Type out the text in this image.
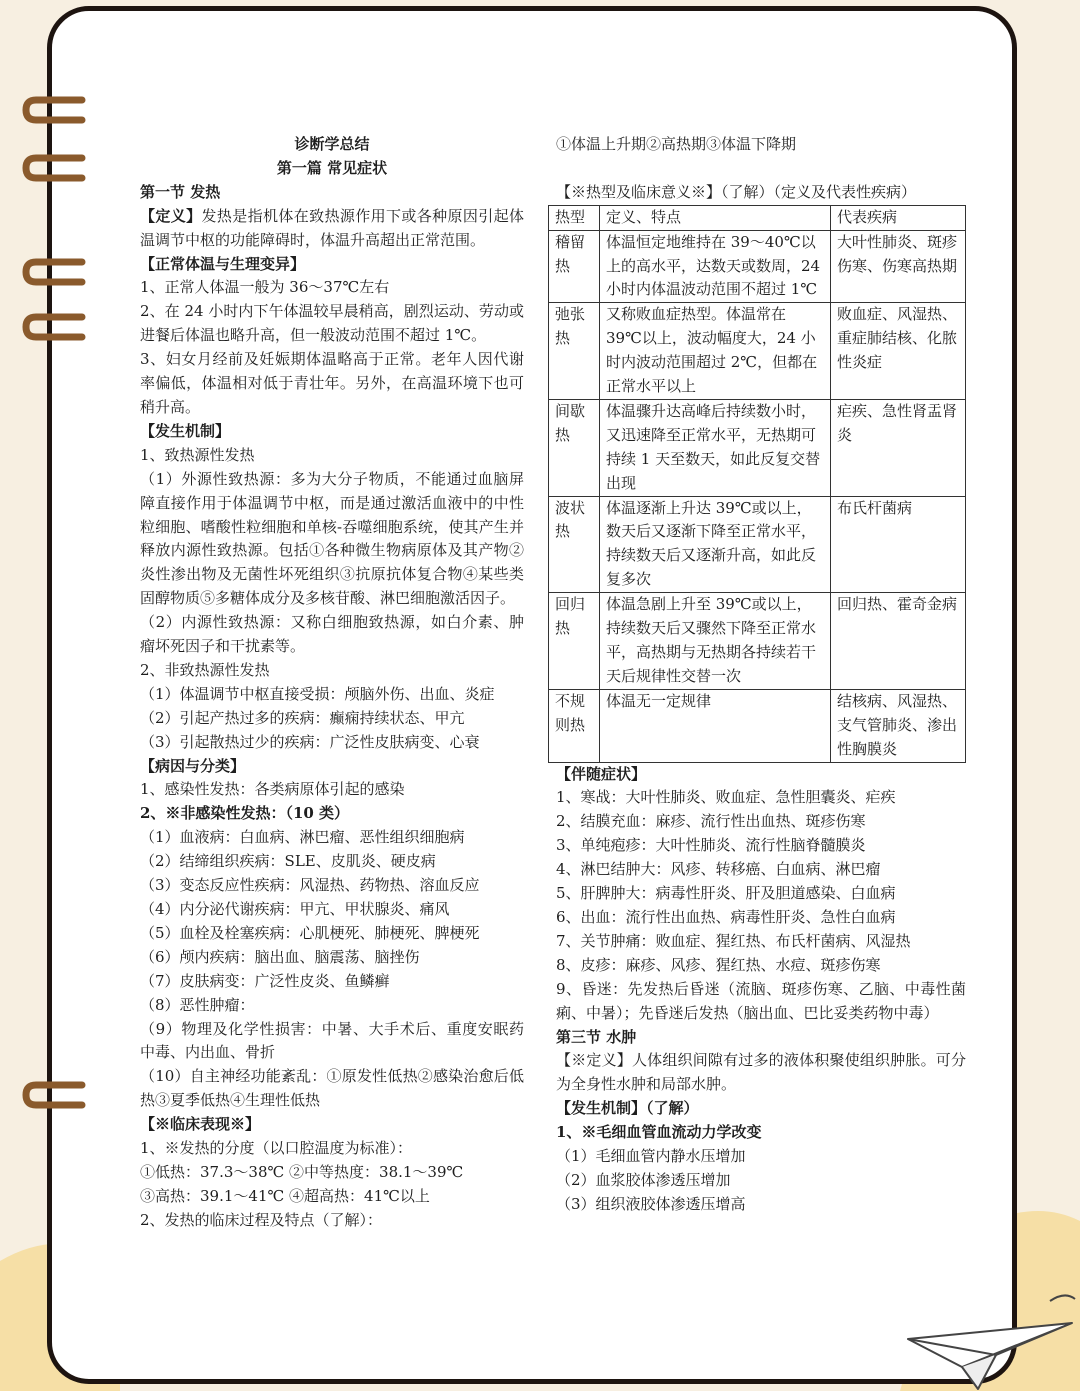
诊断学总结
第一篇 常见症状
第一节 发热
【定义】发热是指机体在致热源作用下或各种原因引起体温调节中枢的功能障碍时，体温升高超出正常范围。
【正常体温与生理变异】
1、正常人体温一般为 36～37℃左右
2、在 24 小时内下午体温较早晨稍高，剧烈运动、劳动或进餐后体温也略升高，但一般波动范围不超过 1℃。
3、妇女月经前及妊娠期体温略高于正常。老年人因代谢率偏低，体温相对低于青壮年。另外，在高温环境下也可稍升高。
【发生机制】
1、致热源性发热
（1）外源性致热源：多为大分子物质，不能通过血脑屏障直接作用于体温调节中枢，而是通过激活血液中的中性粒细胞、嗜酸性粒细胞和单核-吞噬细胞系统，使其产生并释放内源性致热源。包括①各种微生物病原体及其产物②炎性渗出物及无菌性坏死组织③抗原抗体复合物④某些类固醇物质⑤多糖体成分及多核苷酸、淋巴细胞激活因子。
（2）内源性致热源：又称白细胞致热源，如白介素、肿瘤坏死因子和干扰素等。
2、非致热源性发热
（1）体温调节中枢直接受损：颅脑外伤、出血、炎症
（2）引起产热过多的疾病：癫痫持续状态、甲亢
（3）引起散热过少的疾病：广泛性皮肤病变、心衰
【病因与分类】
1、感染性发热：各类病原体引起的感染
2、※非感染性发热：（10 类）
（1）血液病：白血病、淋巴瘤、恶性组织细胞病
（2）结缔组织疾病：SLE、皮肌炎、硬皮病
（3）变态反应性疾病：风湿热、药物热、溶血反应
（4）内分泌代谢疾病：甲亢、甲状腺炎、痛风
（5）血栓及栓塞疾病：心肌梗死、肺梗死、脾梗死
（6）颅内疾病：脑出血、脑震荡、脑挫伤
（7）皮肤病变：广泛性皮炎、鱼鳞癣
（8）恶性肿瘤：
（9）物理及化学性损害：中暑、大手术后、重度安眠药中毒、内出血、骨折
（10）自主神经功能紊乱：①原发性低热②感染治愈后低热③夏季低热④生理性低热
【※临床表现※】
1、※发热的分度（以口腔温度为标准）：
①低热：37.3～38℃ ②中等热度：38.1～39℃
③高热：39.1～41℃ ④超高热：41℃以上
2、发热的临床过程及特点（了解）：
①体温上升期②高热期③体温下降期
【※热型及临床意义※】（了解）（定义及代表性疾病）
热型	定义、特点	代表疾病
稽留热	体温恒定地维持在 39～40℃以上的高水平，达数天或数周，24 小时内体温波动范围不超过 1℃	大叶性肺炎、斑疹伤寒、伤寒高热期
弛张热	又称败血症热型。体温常在 39℃以上，波动幅度大，24 小时内波动范围超过 2℃，但都在正常水平以上	败血症、风湿热、重症肺结核、化脓性炎症
间歇热	体温骤升达高峰后持续数小时，又迅速降至正常水平，无热期可持续 1 天至数天，如此反复交替出现	疟疾、急性肾盂肾炎
波状热	体温逐渐上升达 39℃或以上，数天后又逐渐下降至正常水平，持续数天后又逐渐升高，如此反复多次	布氏杆菌病
回归热	体温急剧上升至 39℃或以上，持续数天后又骤然下降至正常水平，高热期与无热期各持续若干天后规律性交替一次	回归热、霍奇金病
不规则热	体温无一定规律	结核病、风湿热、支气管肺炎、渗出性胸膜炎
【伴随症状】
1、寒战：大叶性肺炎、败血症、急性胆囊炎、疟疾
2、结膜充血：麻疹、流行性出血热、斑疹伤寒
3、单纯疱疹：大叶性肺炎、流行性脑脊髓膜炎
4、淋巴结肿大：风疹、转移癌、白血病、淋巴瘤
5、肝脾肿大：病毒性肝炎、肝及胆道感染、白血病
6、出血：流行性出血热、病毒性肝炎、急性白血病
7、关节肿痛：败血症、猩红热、布氏杆菌病、风湿热
8、皮疹：麻疹、风疹、猩红热、水痘、斑疹伤寒
9、昏迷：先发热后昏迷（流脑、斑疹伤寒、乙脑、中毒性菌痢、中暑）；先昏迷后发热（脑出血、巴比妥类药物中毒）
第三节 水肿
【※定义】人体组织间隙有过多的液体积聚使组织肿胀。可分为全身性水肿和局部水肿。
【发生机制】（了解）
1、※毛细血管血流动力学改变
（1）毛细血管内静水压增加
（2）血浆胶体渗透压增加
（3）组织液胶体渗透压增高
